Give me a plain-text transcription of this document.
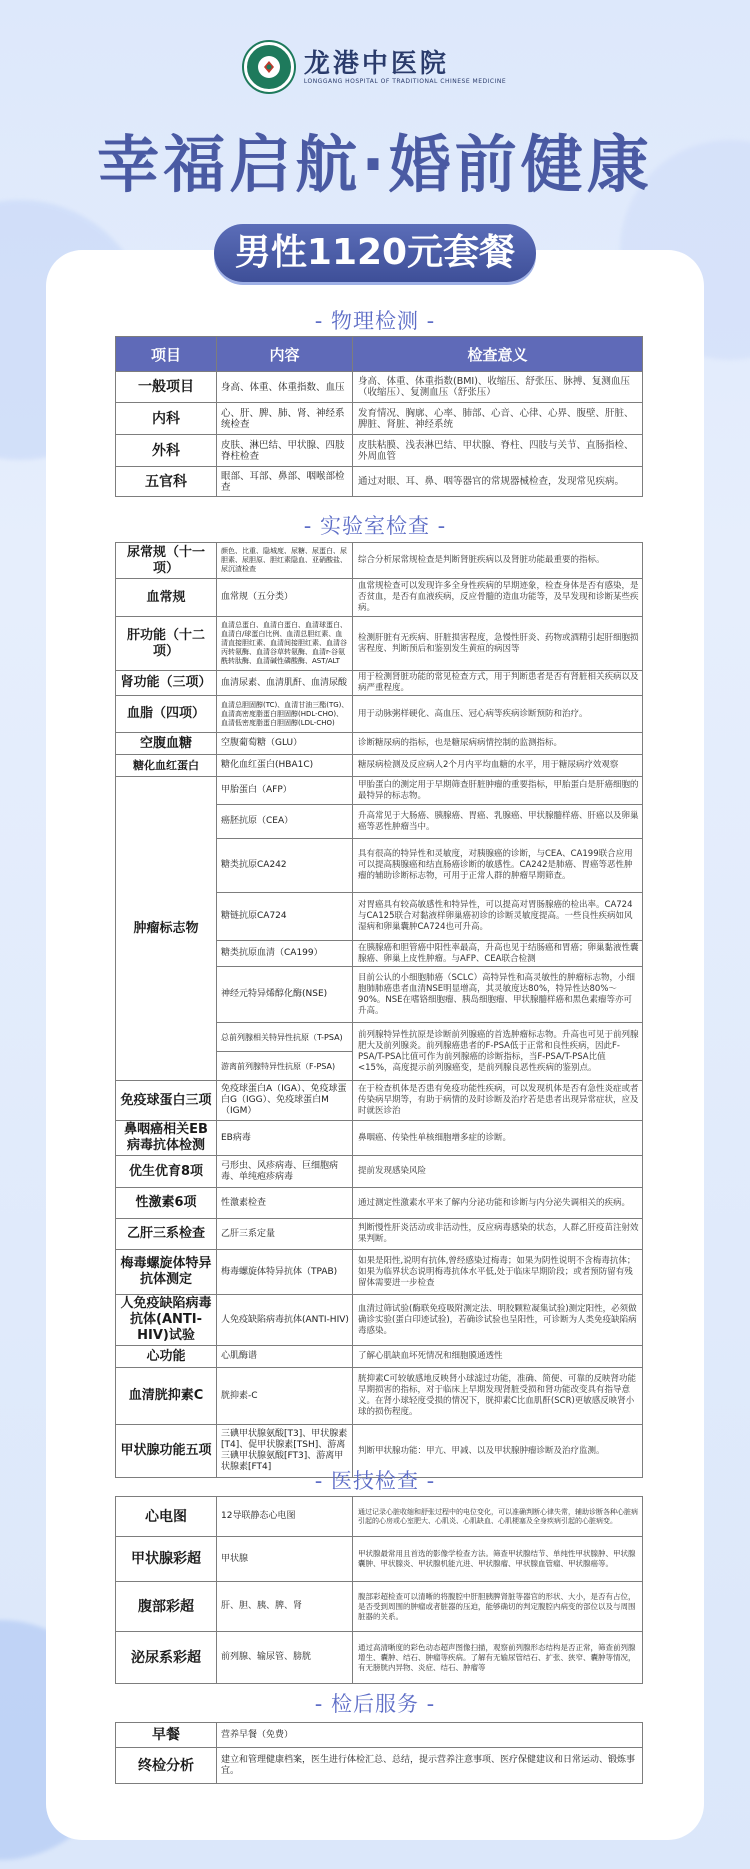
龙港中医院
LONGGANG HOSPITAL OF TRADITIONAL CHINESE MEDICINE
幸福启航·婚前健康
男性1120元套餐
- 物理检测 -
项目	内容	检查意义
一般项目	身高、体重、体重指数、血压	身高、体重、体重指数(BMI)、收缩压、舒张压、脉搏、复测血压（收缩压）、复测血压（舒张压）
内科	心、肝、脾、肺、肾、神经系统检查	发育情况、胸廓、心率、肺部、心音、心律、心界、腹壁、肝脏、脾脏、肾脏、神经系统
外科	皮肤、淋巴结、甲状腺、四肢脊柱检查	皮肤粘膜、浅表淋巴结、甲状腺、脊柱、四肢与关节、直肠指检、外周血管
五官科	眼部、耳部、鼻部、咽喉部检查	通过对眼、耳、鼻、咽等器官的常规器械检查，发现常见疾病。
- 实验室检查 -
尿常规（十一项）	颜色、比重、隐城度、尿糖、尿蛋白、尿胆素、尿胆原、胆红素隐血、亚硝酸盐、尿沉渣检查	综合分析尿常规检查是判断肾脏疾病以及肾脏功能最重要的指标。
血常规	血常规（五分类）	血常规检查可以发现许多全身性疾病的早期迹象，检查身体是否有感染，是否贫血，是否有血液疾病，反应骨髓的造血功能等，及早发现和诊断某些疾病。
肝功能（十二项）	血清总蛋白、血清白蛋白、血清球蛋白、血清白/球蛋白比例、血清总胆红素、血清直接胆红素、血清间接胆红素、血清谷丙转氨酶、血清谷草转氨酶、血清r-谷氨酰转肽酶、血清碱性磷酸酶、AST/ALT	检测肝脏有无疾病、肝脏损害程度，急慢性肝炎、药物或酒精引起肝细胞损害程度、判断预后和鉴别发生黄疸的病因等
肾功能（三项）	血清尿素、血清肌酐、血清尿酸	用于检测肾脏功能的常见检查方式，用于判断患者是否有肾脏相关疾病以及病严重程度。
血脂（四项）	血清总胆固醇(TC)、血清甘油三酯(TG)、血清高密度脂蛋白胆固醇(HDL-CHO)、血清低密度脂蛋白胆固醇(LDL-CHO)	用于动脉粥样硬化、高血压、冠心病等疾病诊断预防和治疗。
空腹血糖	空腹葡萄糖（GLU）	诊断糖尿病的指标，也是糖尿病病情控制的监测指标。
糖化血红蛋白	糖化血红蛋白(HBA1C)	糖尿病检测及反应病人2个月内平均血糖的水平，用于糖尿病疗效观察
肿瘤标志物	甲胎蛋白（AFP）	甲胎蛋白的测定用于早期筛查肝脏肿瘤的重要指标，甲胎蛋白是肝癌细胞的最特异的标志物。
	癌胚抗原（CEA）	升高常见于大肠癌、胰腺癌、胃癌、乳腺癌、甲状腺髓样癌、肝癌以及卵巢癌等恶性肿瘤当中。
	糖类抗原CA242	具有很高的特异性和灵敏度，对胰腺癌的诊断，与CEA、CA199联合应用可以提高胰腺癌和结直肠癌诊断的敏感性。CA242是肺癌、胃癌等恶性肿瘤的辅助诊断标志物，可用于正常人群的肿瘤早期筛查。
	糖链抗原CA724	对胃癌具有较高敏感性和特异性，可以提高对胃肠腺癌的检出率。CA724与CA125联合对黏液样卵巢癌初诊的诊断灵敏度提高。一些良性疾病如风湿病和卵巢囊肿CA724也可升高。
	糖类抗原血清（CA199）	在胰腺癌和胆管癌中阳性率最高，升高也见于结肠癌和胃癌；卵巢黏液性囊腺癌、卵巢上皮性肿瘤。与AFP、CEA联合检测
	神经元特异烯醇化酶(NSE)	目前公认的小细胞肺癌（SCLC）高特异性和高灵敏性的肿瘤标志物，小细胞肺肺癌患者血清NSE明显增高，其灵敏度达80%，特异性达80%～90%。NSE在嗜铬细胞瘤、胰岛细胞瘤、甲状腺髓样癌和黑色素瘤等亦可升高。
	总前列腺相关特异性抗原（T-PSA)	前列腺特异性抗原是诊断前列腺癌的首选肿瘤标志物。升高也可见于前列腺肥大及前列腺炎。前列腺癌患者的F-PSA低于正常和良性疾病，因此F-PSA/T-PSA比值可作为前列腺癌的诊断指标，当F-PSA/T-PSA比值<15%，高度提示前列腺癌变，是前列腺良恶性疾病的鉴别点。
	游离前列腺特异性抗原（F-PSA)	
免疫球蛋白三项	免疫球蛋白A（IGA）、免疫球蛋白G（IGG）、免疫球蛋白M（IGM）	在于检查机体是否患有免疫功能性疾病，可以发现机体是否有急性炎症或者传染病早期等，有助于病情的及时诊断及治疗若是患者出现异常症状，应及时就医诊治
鼻咽癌相关EB病毒抗体检测	EB病毒	鼻咽癌、传染性单核细胞增多症的诊断。
优生优育8项	弓形虫、风疹病毒、巨细胞病毒、单纯疱疹病毒	提前发现感染风险
性激素6项	性激素检查	通过测定性激素水平来了解内分泌功能和诊断与内分泌失调相关的疾病。
乙肝三系检查	乙肝三系定量	判断慢性肝炎活动或非活动性，反应病毒感染的状态，人群乙肝疫苗注射效果判断。
梅毒螺旋体特异抗体测定	梅毒螺旋体特异抗体（TPAB)	如果是阳性,说明有抗体,曾经感染过梅毒；如果为阴性说明不含梅毒抗体；如果为临界状态说明梅毒抗体水平低,处于临床早期阶段；或者预防留有残留体需要进一步检查
人免疫缺陷病毒抗体(ANTI-HIV)试验	人免疫缺陷病毒抗体(ANTI-HIV)	血清过筛试验(酶联免疫吸附测定法、明胶颗粒凝集试验)测定阳性，必须做确诊实验(蛋白印迹试验)，若确诊试验也呈阳性，可诊断为人类免疫缺陷病毒感染。
心功能	心肌酶谱	了解心肌缺血坏死情况和细胞膜通透性
血清胱抑素C	胱抑素-C	胱抑素C可较敏感地反映肾小球滤过功能，准确、简便、可靠的反映肾功能早期损害的指标，对于临床上早期发现肾脏受损和肾功能改变具有指导意义。在肾小球轻度受损的情况下，胱抑素C比血肌酐(SCR)更敏感反映肾小球的损伤程度。
甲状腺功能五项	三碘甲状腺氨酸[T3]、甲状腺素[T4]、促甲状腺素[TSH]、游离三碘甲状腺氨酸[FT3]、游离甲状腺素[FT4]	判断甲状腺功能：甲亢、甲减、以及甲状腺肿瘤诊断及治疗监测。
- 医技检查 -
心电图	12导联静态心电图	通过记录心脏收缩和舒张过程中的电位变化，可以准确判断心律失常，辅助诊断各种心脏病引起的心房或心室肥大、心肌炎、心肌缺血、心肌梗塞及全身疾病引起的心脏病变。
甲状腺彩超	甲状腺	甲状腺最常用且首选的影像学检查方法。筛查甲状腺结节、单纯性甲状腺肿、甲状腺囊肿、甲状腺炎、甲状腺机能亢进、甲状腺瘤、甲状腺血管瘤、甲状腺癌等。
腹部彩超	肝、胆、胰、脾、肾	腹部彩超检查可以清晰的将腹腔中肝胆胰脾肾脏等器官的形状、大小，是否有占位，是否受到周围的肿瘤或者脏器的压迫，能够确切的判定腹腔内病变的部位以及与周围脏器的关系。
泌尿系彩超	前列腺、输尿管、膀胱	通过高清晰度的彩色动态超声图像扫描，观察前列腺形态结构是否正常，筛查前列腺增生、囊肿、结石、肿瘤等疾病。了解有无输尿管结石、扩张、狭窄、囊肿等情况，有无膀胱内异物、炎症、结石、肿瘤等
- 检后服务 -
早餐	营养早餐（免费）
终检分析	建立和管理健康档案，医生进行体检汇总、总结，提示营养注意事项、医疗保健建议和日常运动、锻炼事宜。
